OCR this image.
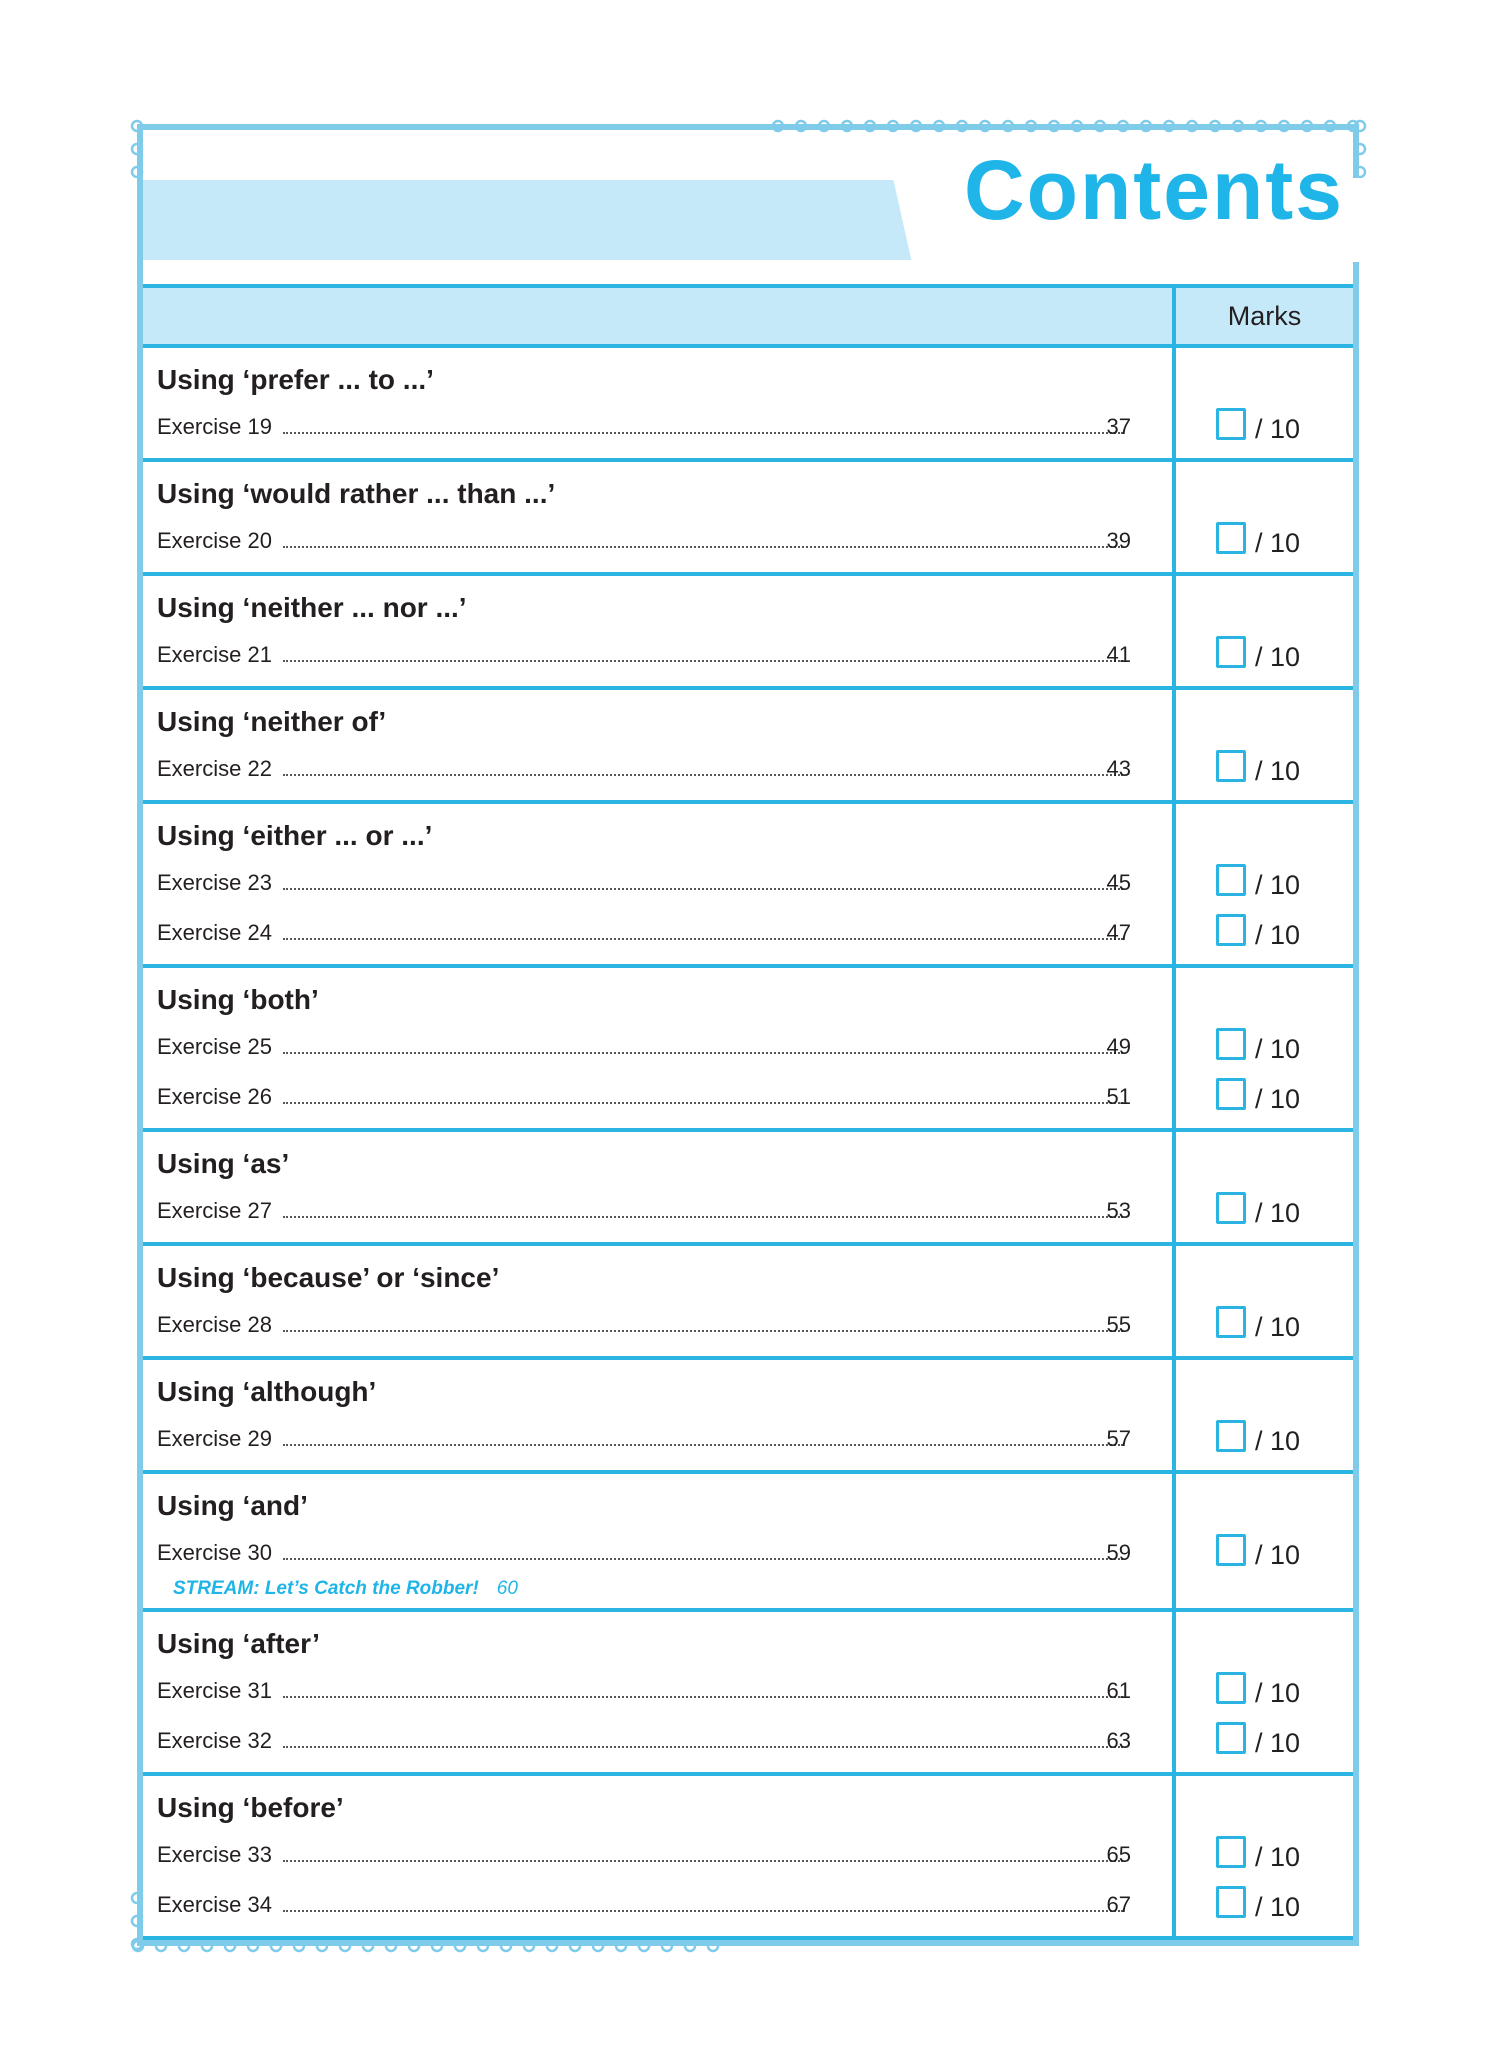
Contents
Marks
Using ‘prefer ... to ...’
Exercise 19	37	/ 10
Using ‘would rather ... than ...’
Exercise 20	39	/ 10
Using ‘neither ... nor ...’
Exercise 21	41	/ 10
Using ‘neither of’
Exercise 22	43	/ 10
Using ‘either ... or ...’
Exercise 23	45	/ 10
Exercise 24	47	/ 10
Using ‘both’
Exercise 25	49	/ 10
Exercise 26	51	/ 10
Using ‘as’
Exercise 27	53	/ 10
Using ‘because’ or ‘since’
Exercise 28	55	/ 10
Using ‘although’
Exercise 29	57	/ 10
Using ‘and’
Exercise 30	59	/ 10
STREAM: Let’s Catch the Robber! 60
Using ‘after’
Exercise 31	61	/ 10
Exercise 32	63	/ 10
Using ‘before’
Exercise 33	65	/ 10
Exercise 34	67	/ 10
